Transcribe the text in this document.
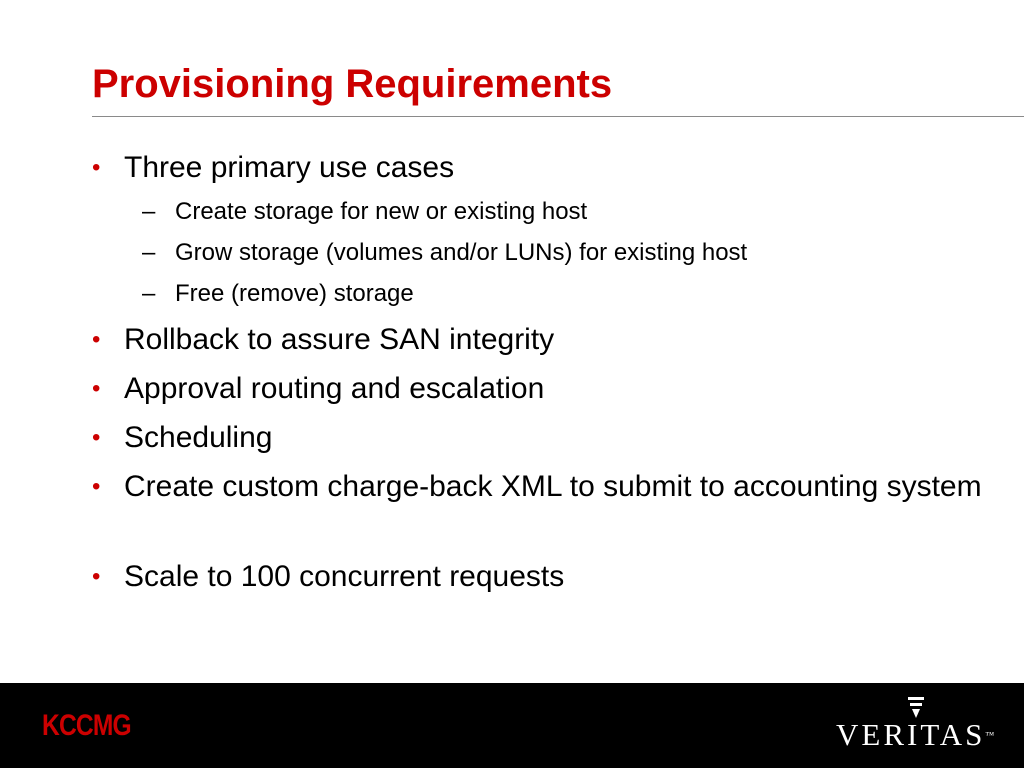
Provisioning Requirements
• Three primary use cases
– Create storage for new or existing host
– Grow storage (volumes and/or LUNs) for existing host
– Free (remove) storage
• Rollback to assure SAN integrity
• Approval routing and escalation
• Scheduling
• Create custom charge-back XML to submit to accounting system
• Scale to 100 concurrent requests
KCCMG	VERITAS™
